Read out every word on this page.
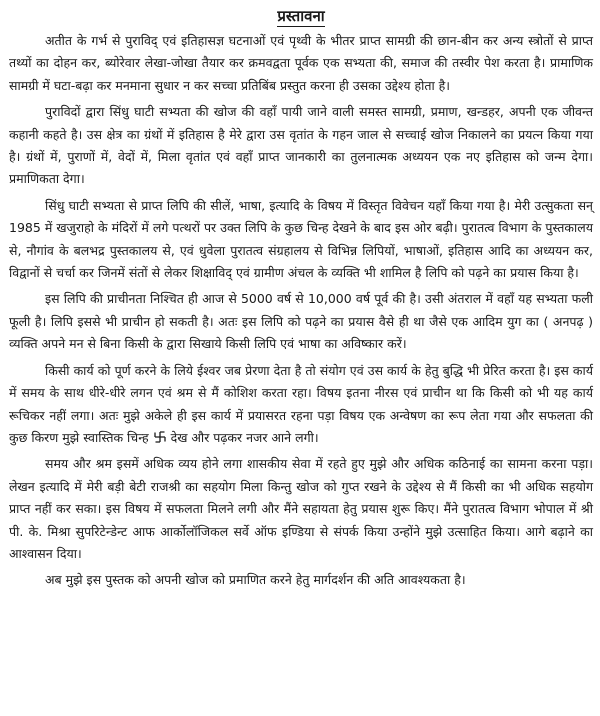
प्रस्तावना

अतीत के गर्भ से पुराविद् एवं इतिहासज्ञ घटनाओं एवं पृथ्वी के भीतर प्राप्त सामग्री की छान-बीन कर अन्य स्त्रोतों से प्राप्त तथ्यों का दोहन कर, ब्योरेवार लेखा-जोखा तैयार कर क्रमवद्वता पूर्वक एक सभ्यता की, समाज की तस्वीर पेश करता है। प्रामाणिक सामग्री में घटा-बढ़ा कर मनमाना सुधार न कर सच्चा प्रतिबिंब प्रस्तुत करना ही उसका उद्देश्य होता है।

पुराविदों द्वारा सिंधु घाटी सभ्यता की खोज की वहाँ पायी जाने वाली समस्त सामग्री, प्रमाण, खन्डहर, अपनी एक जीवन्त कहानी कहते है। उस क्षेत्र का ग्रंथों में इतिहास है मेरे द्वारा उस वृतांत के गहन जाल से सच्चाई खोज निकालने का प्रयत्न किया गया है। ग्रंथों में, पुराणों में, वेदों में, मिला वृतांत एवं वहाँ प्राप्त जानकारी का तुलनात्मक अध्ययन एक नए इतिहास को जन्म देगा। प्रमाणिकता देगा।

सिंधु घाटी सभ्यता से प्राप्त लिपि की सीलें, भाषा, इत्यादि के विषय में विस्तृत विवेचन यहाँ किया गया है। मेरी उत्सुकता सन् 1985 में खजुराहो के मंदिरों में लगे पत्थरों पर उक्त लिपि के कुछ चिन्ह देखने के बाद इस ओर बढ़ी। पुरातत्व विभाग के पुस्तकालय से, नौगांव के बलभद्र पुस्तकालय से, एवं धुवेला पुरातत्व संग्रहालय से विभिन्न लिपियों, भाषाओं, इतिहास आदि का अध्ययन कर, विद्वानों से चर्चा कर जिनमें संतों से लेकर शिक्षाविद् एवं ग्रामीण अंचल के व्यक्ति भी शामिल है लिपि को पढ़ने का प्रयास किया है।

इस लिपि की प्राचीनता निश्चित ही आज से 5000 वर्ष से 10,000 वर्ष पूर्व की है। उसी अंतराल में वहाँ यह सभ्यता फली फूली है। लिपि इससे भी प्राचीन हो सकती है। अतः इस लिपि को पढ़ने का प्रयास वैसे ही था जैसे एक आदिम युग का ( अनपढ़ ) व्यक्ति अपने मन से बिना किसी के द्वारा सिखाये किसी लिपि एवं भाषा का अविष्कार करें।

किसी कार्य को पूर्ण करने के लिये ईश्वर जब प्रेरणा देता है तो संयोग एवं उस कार्य के हेतु बुद्धि भी प्रेरित करता है। इस कार्य में समय के साथ धीरे-धीरे लगन एवं श्रम से मैं कोशिश करता रहा। विषय इतना नीरस एवं प्राचीन था कि किसी को भी यह कार्य रूचिकर नहीं लगा। अतः मुझे अकेले ही इस कार्य में प्रयासरत रहना पड़ा विषय एक अन्वेषण का रूप लेता गया और सफलता की कुछ किरण मुझे स्वास्तिक चिन्ह देख और पढ़कर नजर आने लगी।

समय और श्रम इसमें अधिक व्यय होने लगा शासकीय सेवा में रहते हुए मुझे और अधिक कठिनाई का सामना करना पड़ा। लेखन इत्यादि में मेरी बड़ी बेटी राजश्री का सहयोग मिला किन्तु खोज को गुप्त रखने के उद्देश्य से मैं किसी का भी अधिक सहयोग प्राप्त नहीं कर सका। इस विषय में सफलता मिलने लगी और मैंने सहायता हेतु प्रयास शुरू किए। मैंने पुरातत्व विभाग भोपाल में श्री पी. के. मिश्रा सुपरिटेन्डेन्ट आफ आर्कोलॉजिकल सर्वे ऑफ इण्डिया से संपर्क किया उन्होंने मुझे उत्साहित किया। आगे बढ़ाने का आश्वासन दिया।

अब मुझे इस पुस्तक को अपनी खोज को प्रमाणित करने हेतु मार्गदर्शन की अति आवश्यकता है।
